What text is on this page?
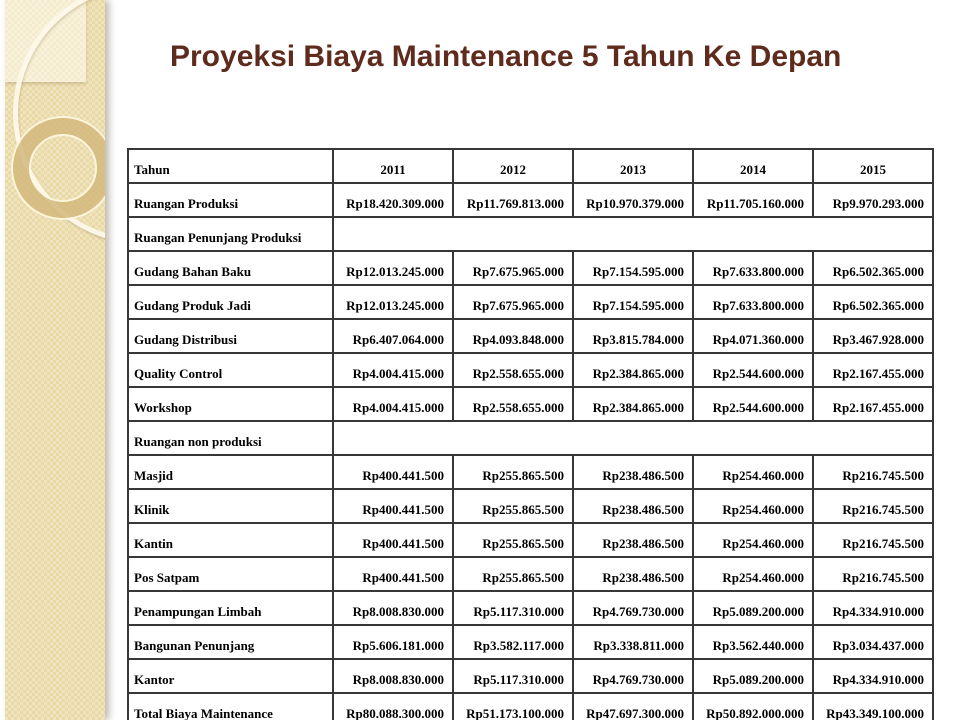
Proyeksi Biaya Maintenance 5 Tahun Ke Depan
Tahun	2011	2012	2013	2014	2015
Ruangan Produksi	Rp18.420.309.000	Rp11.769.813.000	Rp10.970.379.000	Rp11.705.160.000	Rp9.970.293.000
Ruangan Penunjang Produksi					
Gudang Bahan Baku	Rp12.013.245.000	Rp7.675.965.000	Rp7.154.595.000	Rp7.633.800.000	Rp6.502.365.000
Gudang Produk Jadi	Rp12.013.245.000	Rp7.675.965.000	Rp7.154.595.000	Rp7.633.800.000	Rp6.502.365.000
Gudang Distribusi	Rp6.407.064.000	Rp4.093.848.000	Rp3.815.784.000	Rp4.071.360.000	Rp3.467.928.000
Quality Control	Rp4.004.415.000	Rp2.558.655.000	Rp2.384.865.000	Rp2.544.600.000	Rp2.167.455.000
Workshop	Rp4.004.415.000	Rp2.558.655.000	Rp2.384.865.000	Rp2.544.600.000	Rp2.167.455.000
Ruangan non produksi					
Masjid	Rp400.441.500	Rp255.865.500	Rp238.486.500	Rp254.460.000	Rp216.745.500
Klinik	Rp400.441.500	Rp255.865.500	Rp238.486.500	Rp254.460.000	Rp216.745.500
Kantin	Rp400.441.500	Rp255.865.500	Rp238.486.500	Rp254.460.000	Rp216.745.500
Pos Satpam	Rp400.441.500	Rp255.865.500	Rp238.486.500	Rp254.460.000	Rp216.745.500
Penampungan Limbah	Rp8.008.830.000	Rp5.117.310.000	Rp4.769.730.000	Rp5.089.200.000	Rp4.334.910.000
Bangunan Penunjang	Rp5.606.181.000	Rp3.582.117.000	Rp3.338.811.000	Rp3.562.440.000	Rp3.034.437.000
Kantor	Rp8.008.830.000	Rp5.117.310.000	Rp4.769.730.000	Rp5.089.200.000	Rp4.334.910.000
Total Biaya Maintenance	Rp80.088.300.000	Rp51.173.100.000	Rp47.697.300.000	Rp50.892.000.000	Rp43.349.100.000
